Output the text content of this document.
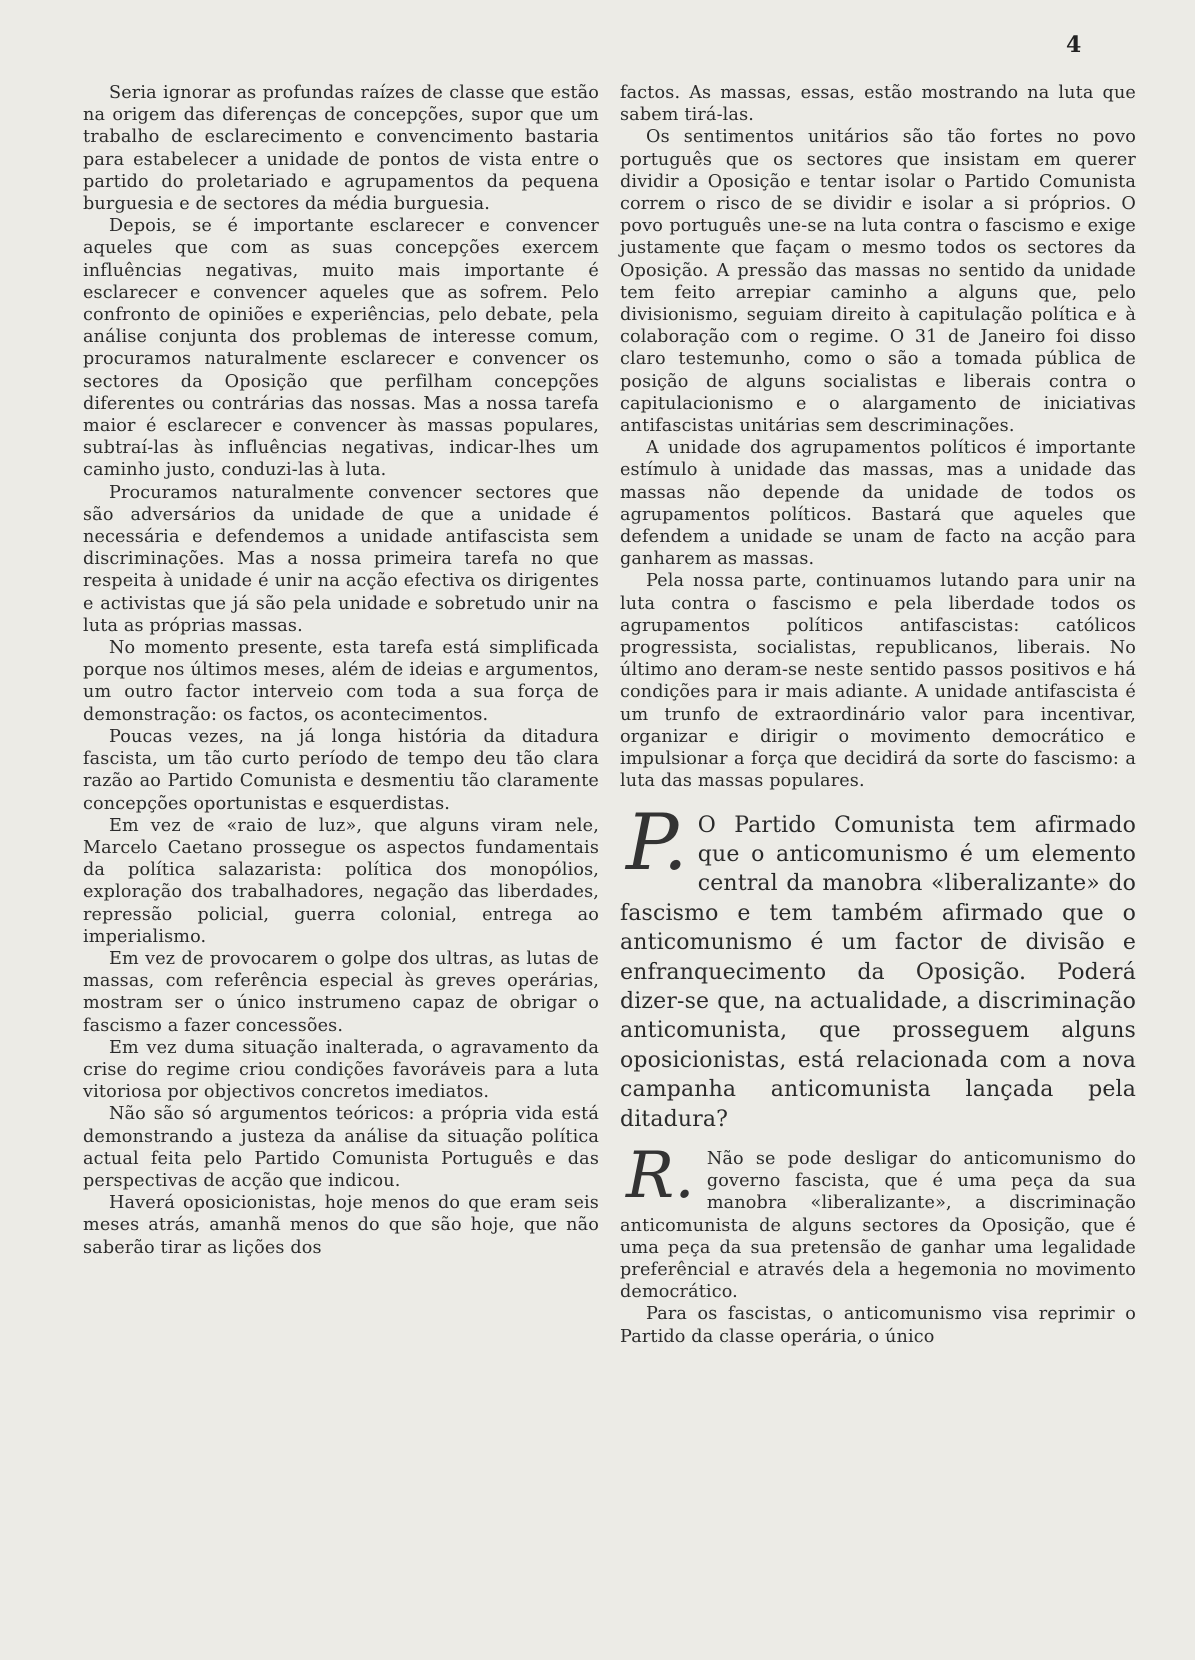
4

Seria ignorar as profundas raízes de classe que estão na origem das diferenças de concepções, supor que um trabalho de esclarecimento e convencimento bastaria para estabelecer a unidade de pontos de vista entre o partido do proletariado e agrupamentos da pequena burguesia e de sectores da média burguesia.

Depois, se é importante esclarecer e convencer aqueles que com as suas concepções exercem influências negativas, muito mais importante é esclarecer e convencer aqueles que as sofrem. Pelo confronto de opiniões e experiências, pelo debate, pela análise conjunta dos problemas de interesse comum, procuramos naturalmente esclarecer e convencer os sectores da Oposição que perfilham concepções diferentes ou contrárias das nossas. Mas a nossa tarefa maior é esclarecer e convencer às massas populares, subtraí-las às influências negativas, indicar-lhes um caminho justo, conduzi-las à luta.

Procuramos naturalmente convencer sectores que são adversários da unidade de que a unidade é necessária e defendemos a unidade antifascista sem discriminações. Mas a nossa primeira tarefa no que respeita à unidade é unir na acção efectiva os dirigentes e activistas que já são pela unidade e sobretudo unir na luta as próprias massas.

No momento presente, esta tarefa está simplificada porque nos últimos meses, além de ideias e argumentos, um outro factor interveio com toda a sua força de demonstração: os factos, os acontecimentos.

Poucas vezes, na já longa história da ditadura fascista, um tão curto período de tempo deu tão clara razão ao Partido Comunista e desmentiu tão claramente concepções oportunistas e esquerdistas.

Em vez de «raio de luz», que alguns viram nele, Marcelo Caetano prossegue os aspectos fundamentais da política salazarista: política dos monopólios, exploração dos trabalhadores, negação das liberdades, repressão policial, guerra colonial, entrega ao imperialismo.

Em vez de provocarem o golpe dos ultras, as lutas de massas, com referência especial às greves operárias, mostram ser o único instrumeno capaz de obrigar o fascismo a fazer concessões.

Em vez duma situação inalterada, o agravamento da crise do regime criou condições favoráveis para a luta vitoriosa por objectivos concretos imediatos.

Não são só argumentos teóricos: a própria vida está demonstrando a justeza da análise da situação política actual feita pelo Partido Comunista Português e das perspectivas de acção que indicou.

Haverá oposicionistas, hoje menos do que eram seis meses atrás, amanhã menos do que são hoje, que não saberão tirar as lições dos

factos. As massas, essas, estão mostrando na luta que sabem tirá-las.

Os sentimentos unitários são tão fortes no povo português que os sectores que insistam em querer dividir a Oposição e tentar isolar o Partido Comunista correm o risco de se dividir e isolar a si próprios. O povo português une-se na luta contra o fascismo e exige justamente que façam o mesmo todos os sectores da Oposição. A pressão das massas no sentido da unidade tem feito arrepiar caminho a alguns que, pelo divisionismo, seguiam direito à capitulação política e à colaboração com o regime. O 31 de Janeiro foi disso claro testemunho, como o são a tomada pública de posição de alguns socialistas e liberais contra o capitulacionismo e o alargamento de iniciativas antifascistas unitárias sem descriminações.

A unidade dos agrupamentos políticos é importante estímulo à unidade das massas, mas a unidade das massas não depende da unidade de todos os agrupamentos políticos. Bastará que aqueles que defendem a unidade se unam de facto na acção para ganharem as massas.

Pela nossa parte, continuamos lutando para unir na luta contra o fascismo e pela liberdade todos os agrupamentos políticos antifascistas: católicos progressista, socialistas, republicanos, liberais. No último ano deram-se neste sentido passos positivos e há condições para ir mais adiante. A unidade antifascista é um trunfo de extraordinário valor para incentivar, organizar e dirigir o movimento democrático e impulsionar a força que decidirá da sorte do fascismo: a luta das massas populares.

P. O Partido Comunista tem afirmado que o anticomunismo é um elemento central da manobra «liberalizante» do fascismo e tem também afirmado que o anticomunismo é um factor de divisão e enfranquecimento da Oposição. Poderá dizer-se que, na actualidade, a discriminação anticomunista, que prosseguem alguns oposicionistas, está relacionada com a nova campanha anticomunista lançada pela ditadura?
R. Não se pode desligar do anticomunismo do governo fascista, que é uma peça da sua manobra «liberalizante», a discriminação anticomunista de alguns sectores da Oposição, que é uma peça da sua pretensão de ganhar uma legalidade preferêncial e através dela a hegemonia no movimento democrático.

Para os fascistas, o anticomunismo visa reprimir o Partido da classe operária, o único
